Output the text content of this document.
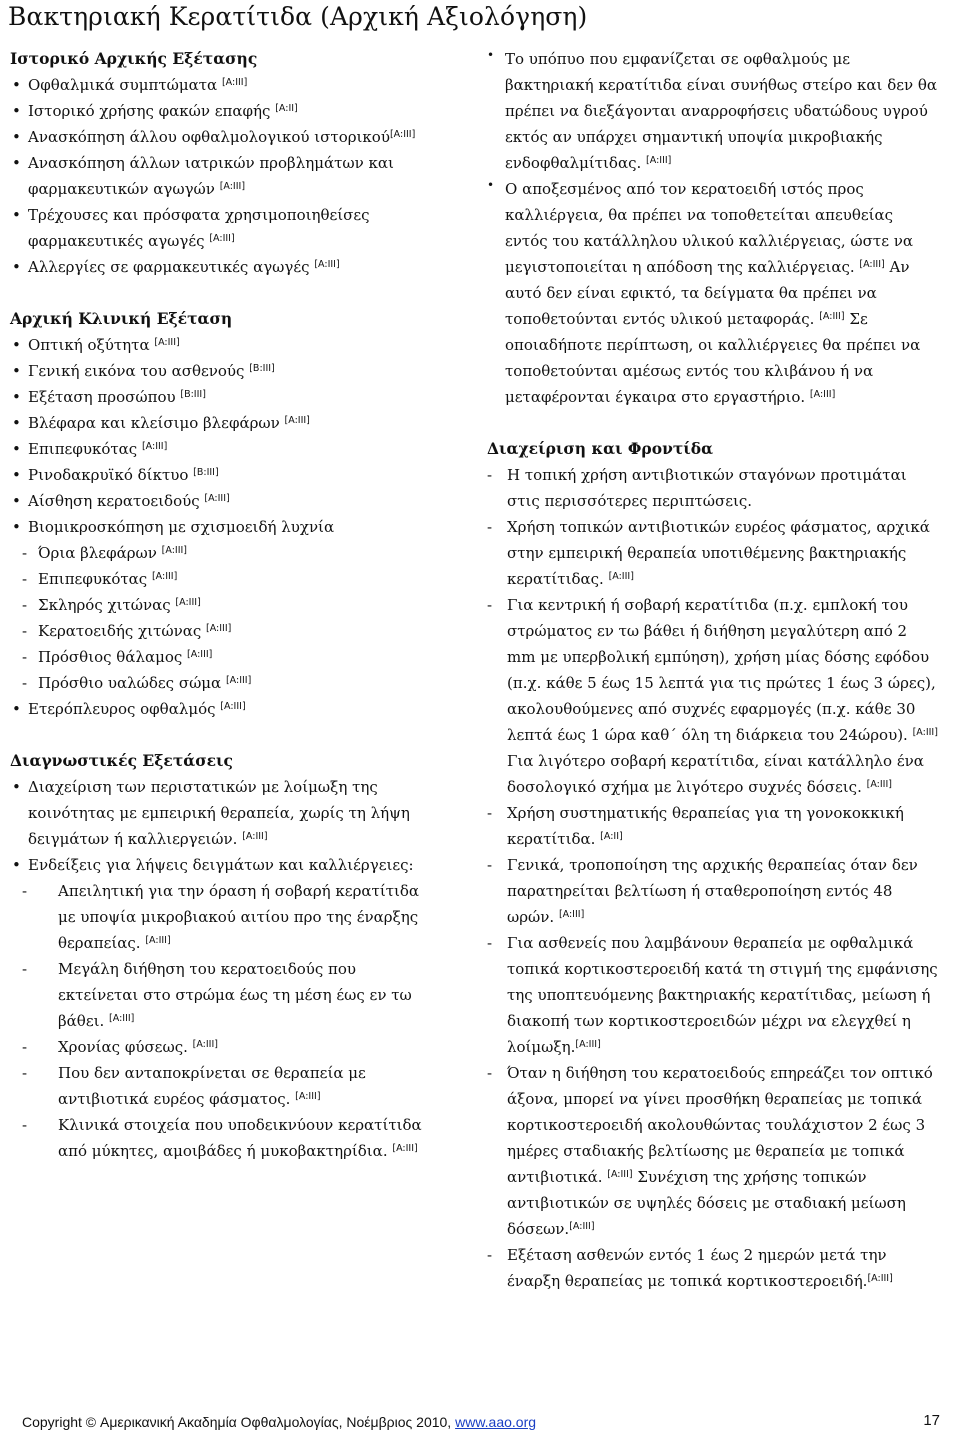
Βακτηριακή Κερατίτιδα (Αρχική Αξιολόγηση)
Ιστορικό Αρχικής Εξέτασης
• Οφθαλμικά συμπτώματα [A:III]
• Ιστορικό χρήσης φακών επαφής [A:II]
• Ανασκόπηση άλλου οφθαλμολογικού ιστορικού[A:III]
• Ανασκόπηση άλλων ιατρικών προβλημάτων και φαρμακευτικών αγωγών [A:III]
• Τρέχουσες και πρόσφατα χρησιμοποιηθείσες φαρμακευτικές αγωγές [A:III]
• Αλλεργίες σε φαρμακευτικές αγωγές [A:III]
Αρχική Κλινική Εξέταση
• Οπτική οξύτητα [A:III]
• Γενική εικόνα του ασθενούς [B:III]
• Εξέταση προσώπου [B:III]
• Βλέφαρα και κλείσιμο βλεφάρων [A:III]
• Επιπεφυκότας [A:III]
• Ρινοδακρυϊκό δίκτυο [B:III]
• Αίσθηση κερατοειδούς [A:III]
• Βιομικροσκόπηση με σχισμοειδή λυχνία
- Όρια βλεφάρων [A:III]
- Επιπεφυκότας [A:III]
- Σκληρός χιτώνας [A:III]
- Κερατοειδής χιτώνας [A:III]
- Πρόσθιος θάλαμος [A:III]
- Πρόσθιο υαλώδες σώμα [A:III]
• Ετερόπλευρος οφθαλμός [A:III]
Διαγνωστικές Εξετάσεις
• Διαχείριση των περιστατικών με λοίμωξη της κοινότητας με εμπειρική θεραπεία, χωρίς τη λήψη δειγμάτων ή καλλιεργειών. [A:III]
• Ενδείξεις για λήψεις δειγμάτων και καλλιέργειες:
- Απειλητική για την όραση ή σοβαρή κερατίτιδα με υποψία μικροβιακού αιτίου προ της έναρξης θεραπείας. [A:III]
- Μεγάλη διήθηση του κερατοειδούς που εκτείνεται στο στρώμα έως τη μέση έως εν τω βάθει. [A:III]
- Χρονίας φύσεως. [A:III]
- Που δεν ανταποκρίνεται σε θεραπεία με αντιβιοτικά ευρέος φάσματος. [A:III]
- Κλινικά στοιχεία που υποδεικνύουν κερατίτιδα από μύκητες, αμοιβάδες ή μυκοβακτηρίδια. [A:III]
• Το υπόπυο που εμφανίζεται σε οφθαλμούς με βακτηριακή κερατίτιδα είναι συνήθως στείρο και δεν θα πρέπει να διεξάγονται αναρροφήσεις υδατώδους υγρού εκτός αν υπάρχει σημαντική υποψία μικροβιακής ενδοφθαλμίτιδας. [A:III]
• Ο αποξεσμένος από τον κερατοειδή ιστός προς καλλιέργεια, θα πρέπει να τοποθετείται απευθείας εντός του κατάλληλου υλικού καλλιέργειας, ώστε να μεγιστοποιείται η απόδοση της καλλιέργειας. [A:III] Αν αυτό δεν είναι εφικτό, τα δείγματα θα πρέπει να τοποθετούνται εντός υλικού μεταφοράς. [A:III] Σε οποιαδήποτε περίπτωση, οι καλλιέργειες θα πρέπει να τοποθετούνται αμέσως εντός του κλιβάνου ή να μεταφέρονται έγκαιρα στο εργαστήριο. [A:III]
Διαχείριση και Φροντίδα
- Η τοπική χρήση αντιβιοτικών σταγόνων προτιμάται στις περισσότερες περιπτώσεις.
- Χρήση τοπικών αντιβιοτικών ευρέος φάσματος, αρχικά στην εμπειρική θεραπεία υποτιθέμενης βακτηριακής κερατίτιδας. [A:III]
- Για κεντρική ή σοβαρή κερατίτιδα (π.χ. εμπλοκή του στρώματος εν τω βάθει ή διήθηση μεγαλύτερη από 2 mm με υπερβολική εμπύηση), χρήση μίας δόσης εφόδου (π.χ. κάθε 5 έως 15 λεπτά για τις πρώτες 1 έως 3 ώρες), ακολουθούμενες από συχνές εφαρμογές (π.χ. κάθε 30 λεπτά έως 1 ώρα καθ΄ όλη τη διάρκεια του 24ώρου). [A:III] Για λιγότερο σοβαρή κερατίτιδα, είναι κατάλληλο ένα δοσολογικό σχήμα με λιγότερο συχνές δόσεις. [A:III]
- Χρήση συστηματικής θεραπείας για τη γονοκοκκική κερατίτιδα. [A:II]
- Γενικά, τροποποίηση της αρχικής θεραπείας όταν δεν παρατηρείται βελτίωση ή σταθεροποίηση εντός 48 ωρών. [A:III]
- Για ασθενείς που λαμβάνουν θεραπεία με οφθαλμικά τοπικά κορτικοστεροειδή κατά τη στιγμή της εμφάνισης της υποπτευόμενης βακτηριακής κερατίτιδας, μείωση ή διακοπή των κορτικοστεροειδών μέχρι να ελεγχθεί η λοίμωξη.[A:III]
- Όταν η διήθηση του κερατοειδούς επηρεάζει τον οπτικό άξονα, μπορεί να γίνει προσθήκη θεραπείας με τοπικά κορτικοστεροειδή ακολουθώντας τουλάχιστον 2 έως 3 ημέρες σταδιακής βελτίωσης με θεραπεία με τοπικά αντιβιοτικά. [A:III] Συνέχιση της χρήσης τοπικών αντιβιοτικών σε υψηλές δόσεις με σταδιακή μείωση δόσεων.[A:III]
- Εξέταση ασθενών εντός 1 έως 2 ημερών μετά την έναρξη θεραπείας με τοπικά κορτικοστεροειδή.[A:III]
Copyright © Αμερικανική Ακαδημία Οφθαλμολογίας, Νοέμβριος 2010, www.aao.org	17
